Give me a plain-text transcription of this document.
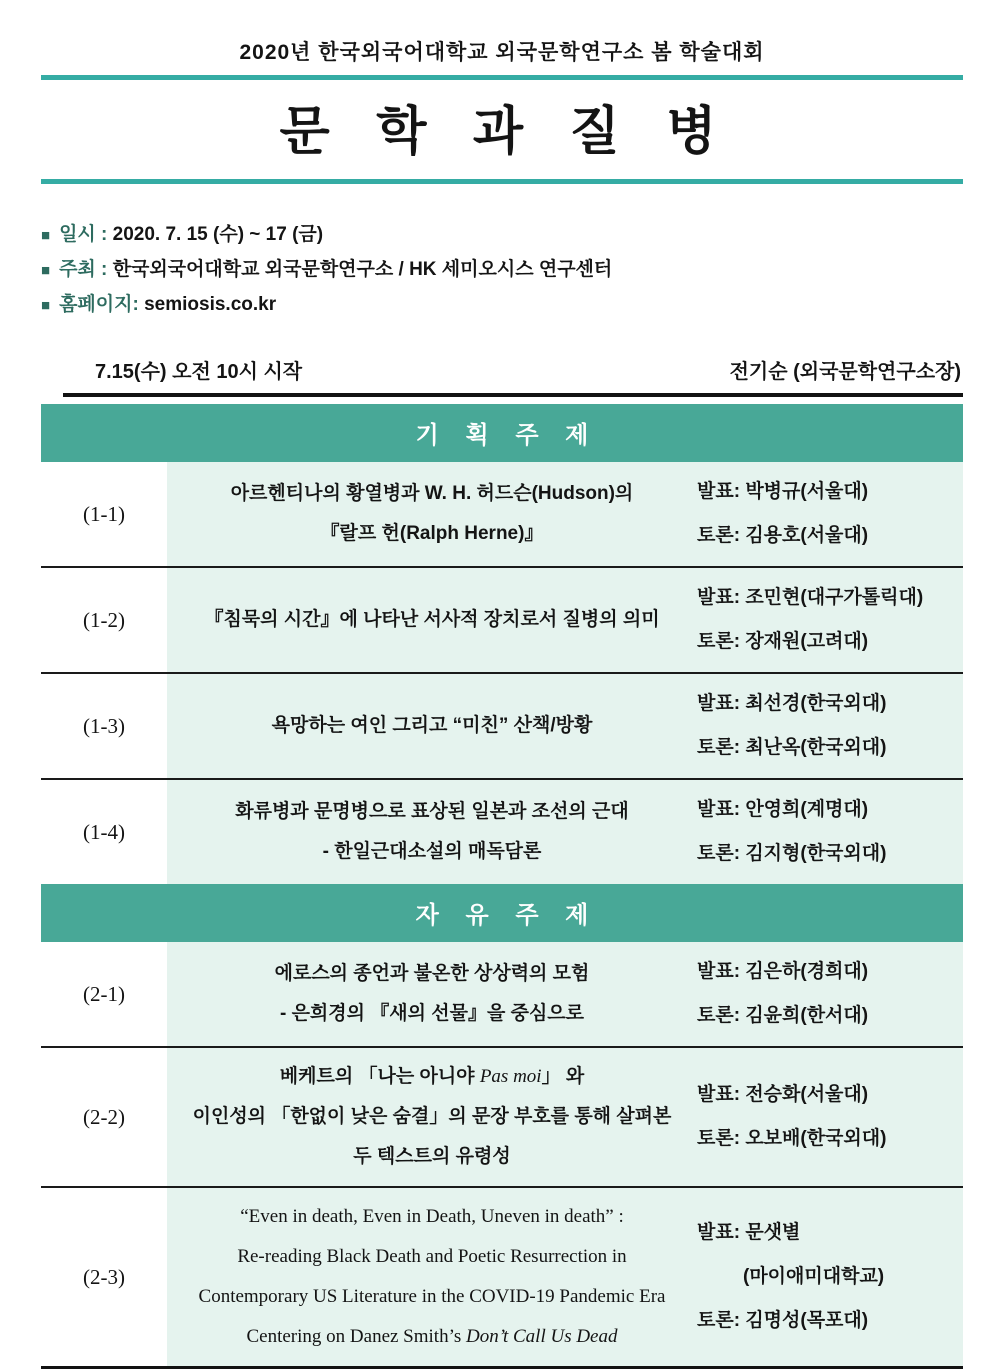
2020년 한국외국어대학교 외국문학연구소 봄 학술대회
문 학 과 질 병
■ 일시 : 2020. 7. 15 (수) ~ 17 (금)
■ 주최 : 한국외국어대학교 외국문학연구소 / HK 세미오시스 연구센터
■ 홈페이지: semiosis.co.kr
7.15(수) 오전 10시 시작	전기순 (외국문학연구소장)
기 획 주 제
(1-1)
아르헨티나의 황열병과 W. H. 허드슨(Hudson)의
『랄프 헌(Ralph Herne)』
발표: 박병규(서울대)
토론: 김용호(서울대)
(1-2)	『침묵의 시간』에 나타난 서사적 장치로서 질병의 의미
발표: 조민현(대구가톨릭대)
토론: 장재원(고려대)
(1-3)	욕망하는 여인 그리고 “미친” 산책/방황
발표: 최선경(한국외대)
토론: 최난옥(한국외대)
(1-4)
화류병과 문명병으로 표상된 일본과 조선의 근대
- 한일근대소설의 매독담론
발표: 안영희(계명대)
토론: 김지형(한국외대)
자 유 주 제
(2-1)
에로스의 종언과 불온한 상상력의 모험
- 은희경의 『새의 선물』을 중심으로
발표: 김은하(경희대)
토론: 김윤희(한서대)
(2-2)
베케트의 「나는 아니야 Pas moi」 와
이인성의 「한없이 낮은 숨결」의 문장 부호를 통해 살펴본
두 텍스트의 유령성
발표: 전승화(서울대)
토론: 오보배(한국외대)
(2-3)
“Even in death, Even in Death, Uneven in death” :
Re-reading Black Death and Poetic Resurrection in
Contemporary US Literature in the COVID-19 Pandemic Era
Centering on Danez Smith’s Don’t Call Us Dead
발표: 문샛별
(마이애미대학교)
토론: 김명성(목포대)
